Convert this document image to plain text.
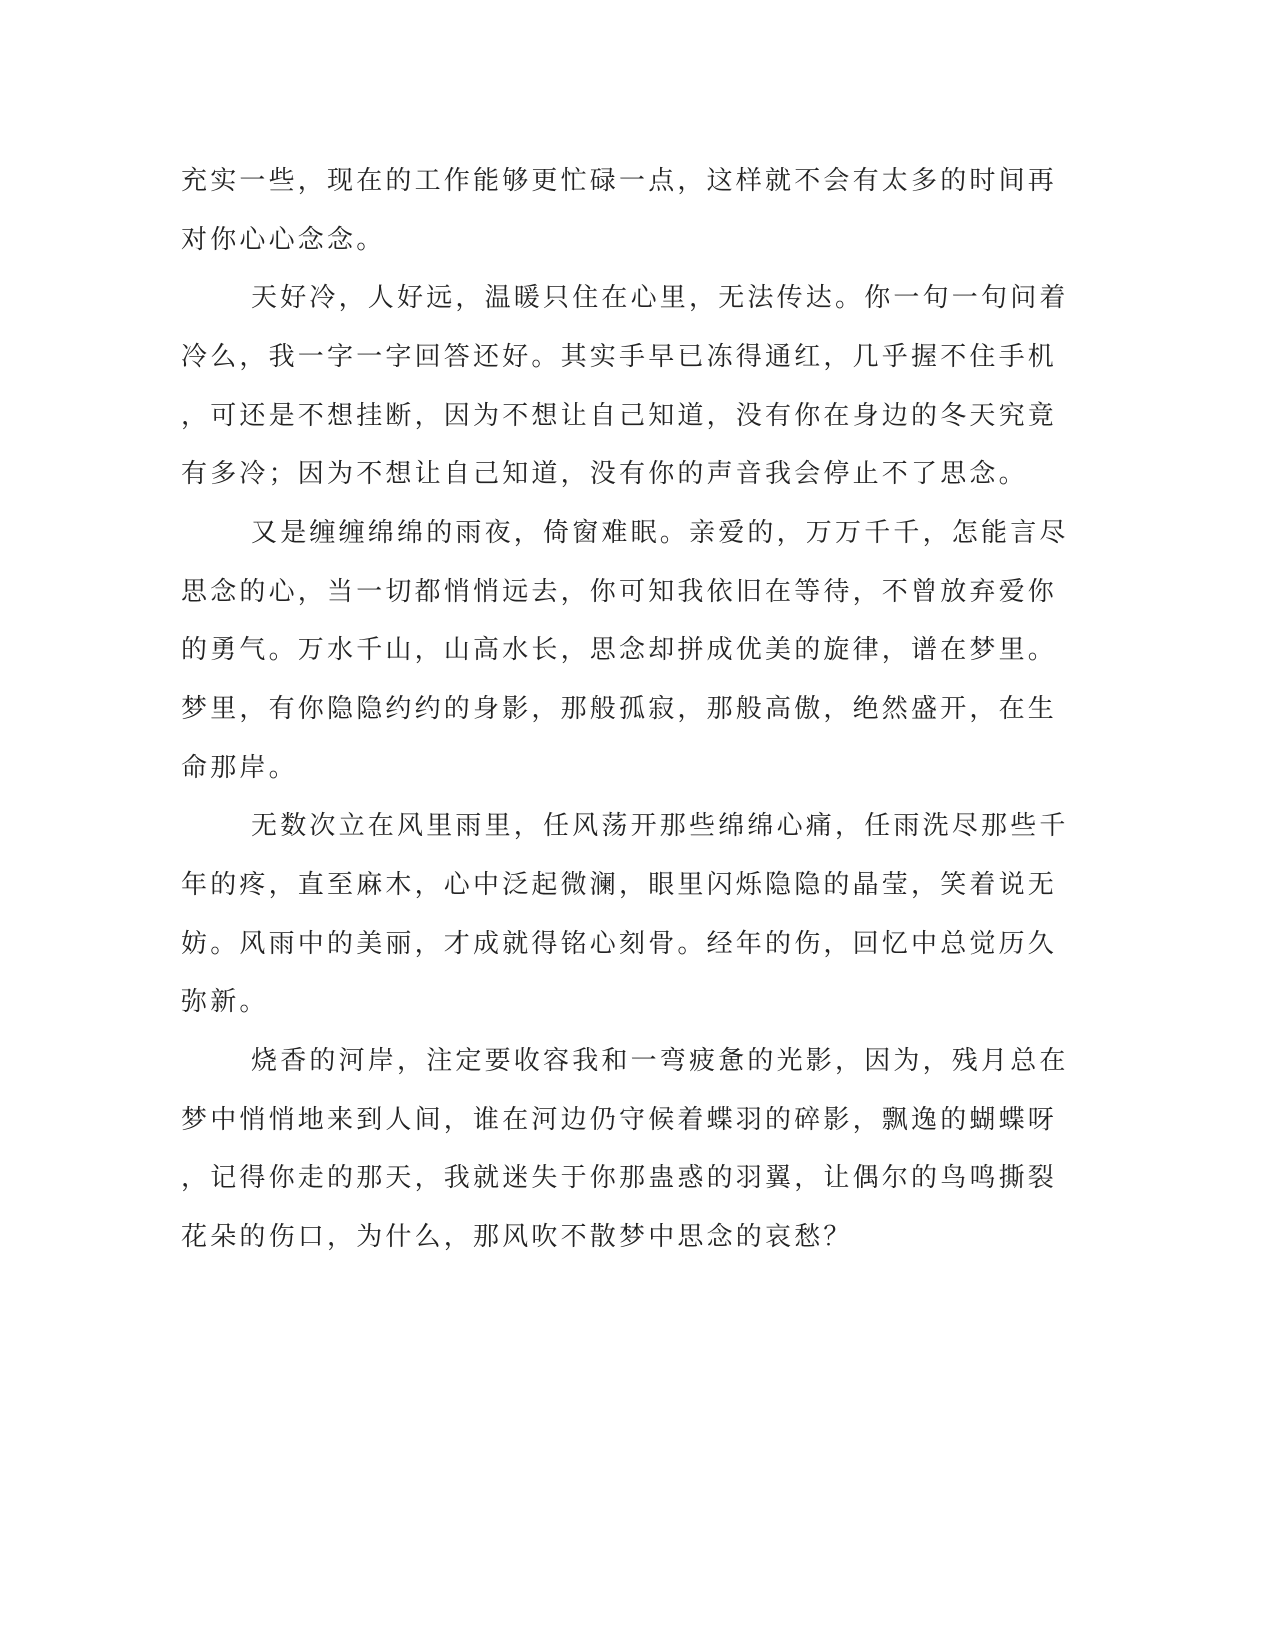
充实一些，现在的工作能够更忙碌一点，这样就不会有太多的时间再
对你心心念念。
天好冷，人好远，温暖只住在心里，无法传达。你一句一句问着
冷么，我一字一字回答还好。其实手早已冻得通红，几乎握不住手机
，可还是不想挂断，因为不想让自己知道，没有你在身边的冬天究竟
有多冷；因为不想让自己知道，没有你的声音我会停止不了思念。
又是缠缠绵绵的雨夜，倚窗难眠。亲爱的，万万千千，怎能言尽
思念的心，当一切都悄悄远去，你可知我依旧在等待，不曾放弃爱你
的勇气。万水千山，山高水长，思念却拼成优美的旋律，谱在梦里。
梦里，有你隐隐约约的身影，那般孤寂，那般高傲，绝然盛开，在生
命那岸。
无数次立在风里雨里，任风荡开那些绵绵心痛，任雨洗尽那些千
年的疼，直至麻木，心中泛起微澜，眼里闪烁隐隐的晶莹，笑着说无
妨。风雨中的美丽，才成就得铭心刻骨。经年的伤，回忆中总觉历久
弥新。
烧香的河岸，注定要收容我和一弯疲惫的光影，因为，残月总在
梦中悄悄地来到人间，谁在河边仍守候着蝶羽的碎影，飘逸的蝴蝶呀
，记得你走的那天，我就迷失于你那蛊惑的羽翼，让偶尔的鸟鸣撕裂
花朵的伤口，为什么，那风吹不散梦中思念的哀愁？
